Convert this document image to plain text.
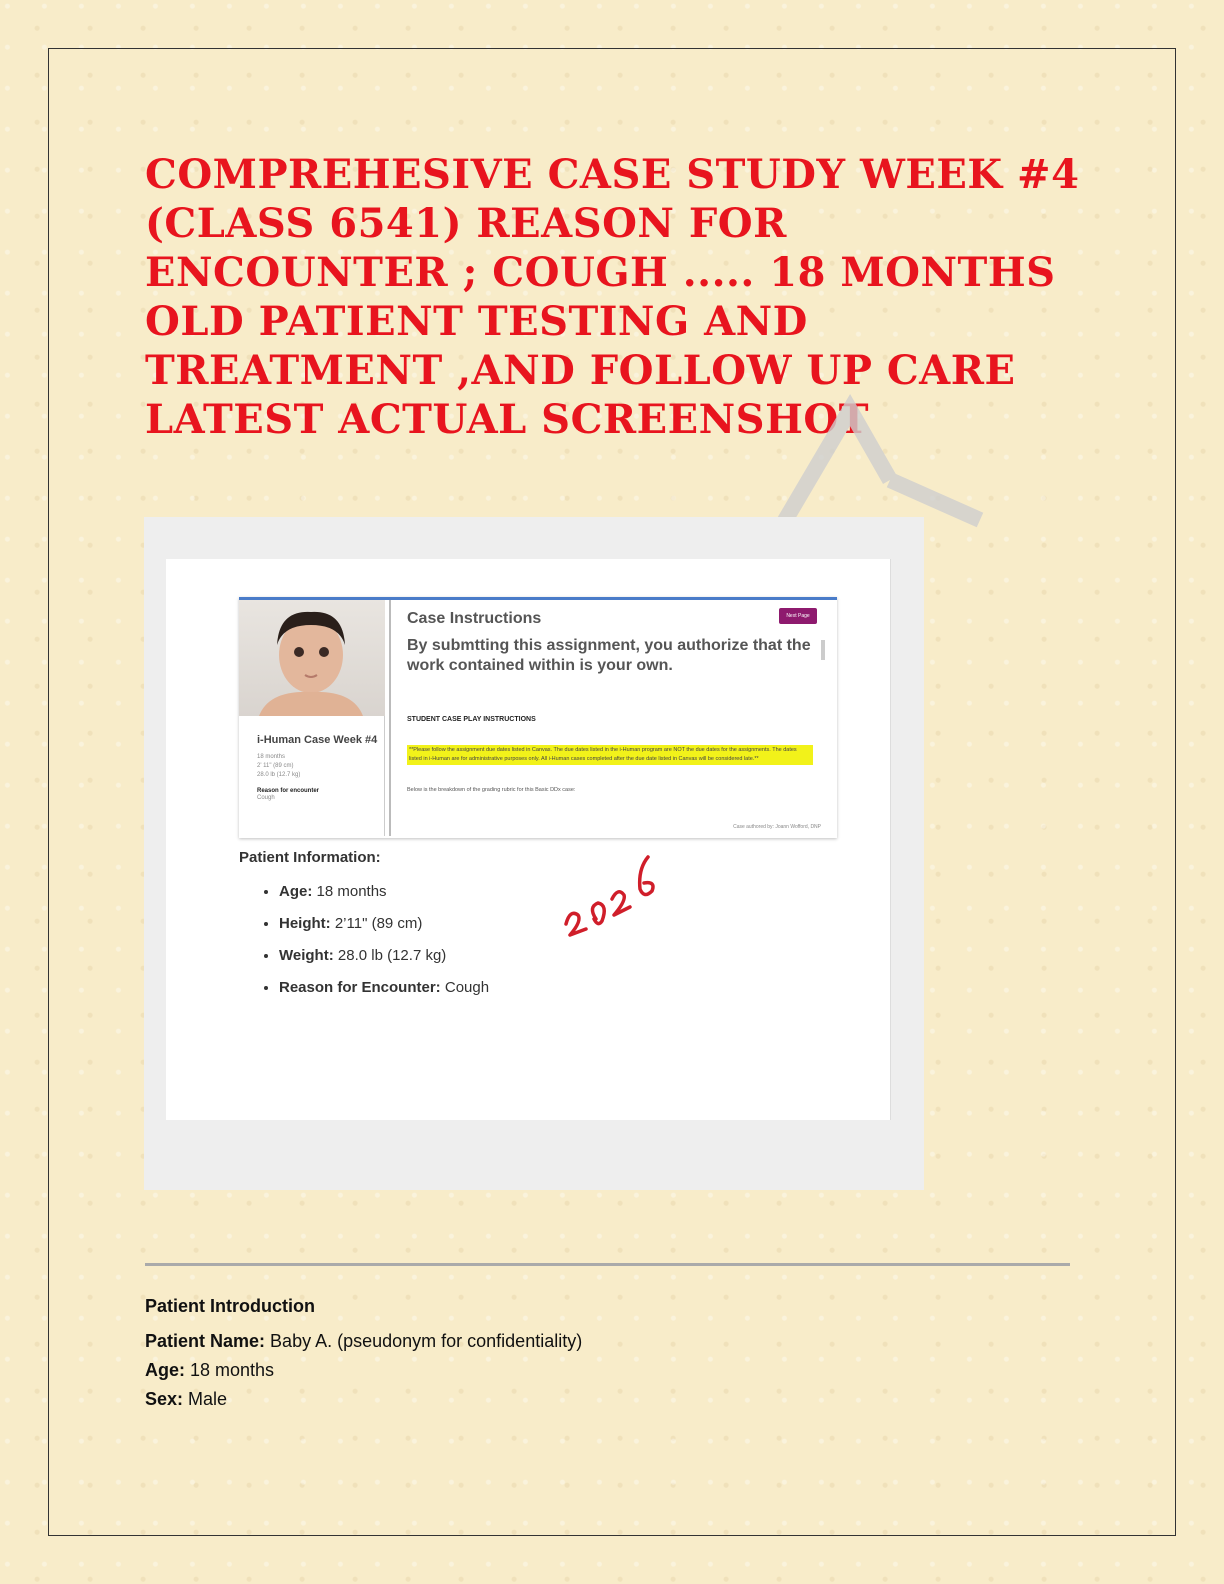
COMPREHESIVE CASE STUDY WEEK #4 (CLASS 6541) REASON FOR ENCOUNTER ; COUGH ..... 18 MONTHS OLD PATIENT TESTING AND TREATMENT ,AND FOLLOW UP CARE LATEST ACTUAL SCREENSHOT
i-Human Case Week #4
18 months
2' 11" (89 cm)
28.0 lb (12.7 kg)
Reason for encounter
Cough
Case Instructions	Next Page
By submtting this assignment, you authorize that the work contained within is your own.
STUDENT CASE PLAY INSTRUCTIONS
**Please follow the assignment due dates listed in Canvas. The due dates listed in the i-Human program are NOT the due dates for the assignments. The dates listed in i-Human are for administrative purposes only. All i-Human cases completed after the due date listed in Canvas will be considered late.**
Below is the breakdown of the grading rubric for this Basic DDx case:
Case authored by: Joann Wofford, DNP
Patient Information:
• Age: 18 months
• Height: 2’11" (89 cm)
• Weight: 28.0 lb (12.7 kg)
• Reason for Encounter: Cough
Patient Introduction
Patient Name: Baby A. (pseudonym for confidentiality)
Age: 18 months
Sex: Male
